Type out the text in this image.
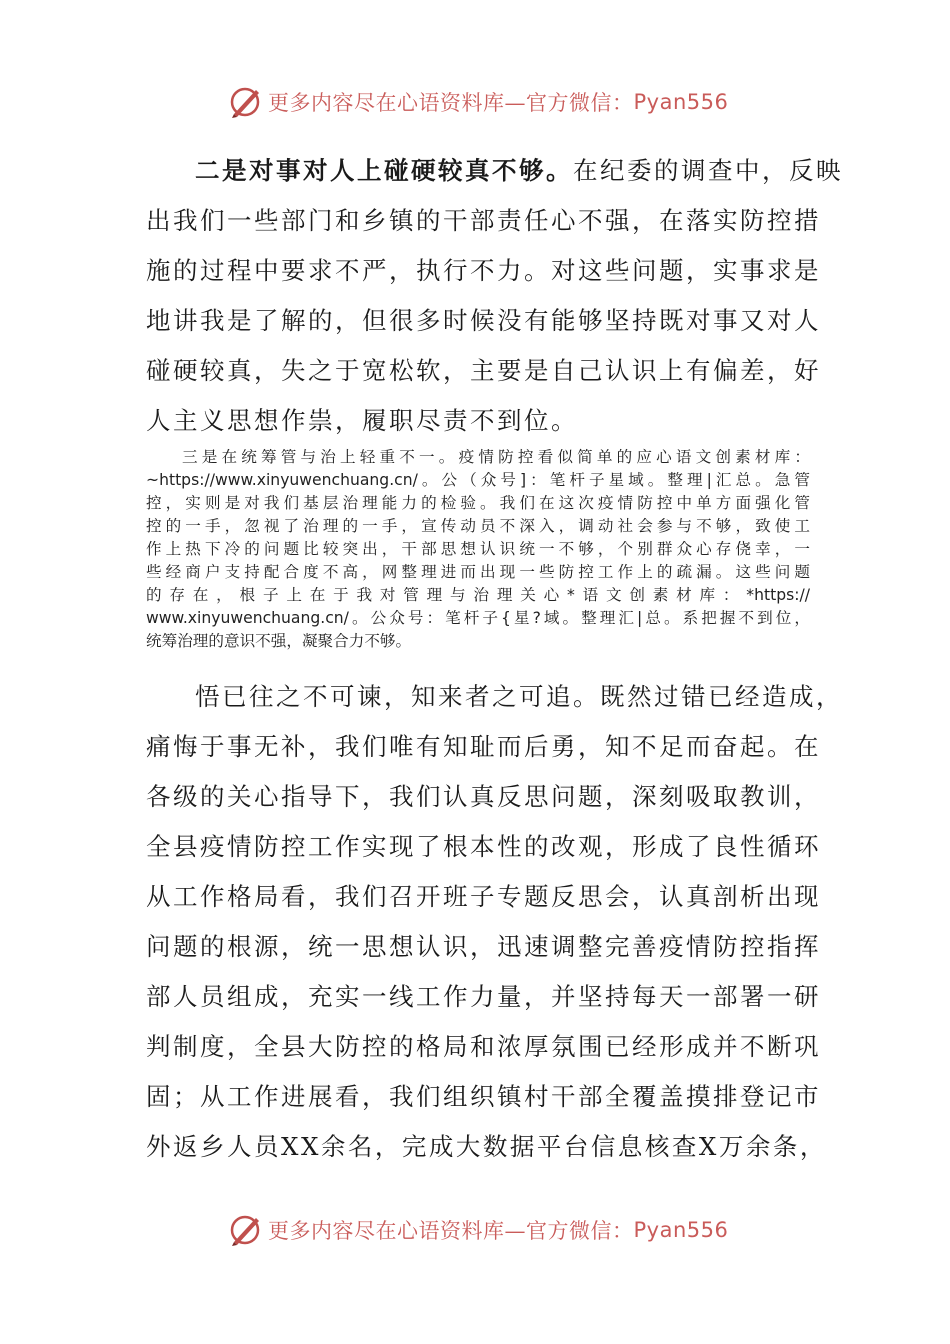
更多内容尽在心语资料库—官方微信： Pyan556

二是对事对人上碰硬较真不够。在纪委的调查中，反映

出我们一些部门和乡镇的干部责任心不强，在落实防控措

施的过程中要求不严，执行不力。对这些问题，实事求是

地讲我是了解的，但很多时候没有能够坚持既对事又对人

碰硬较真，失之于宽松软，主要是自己认识上有偏差，好

人主义思想作祟，履职尽责不到位。

三是在统筹管与治上轻重不一。疫情防控看似简单的应心语文创素材库：

~https://www.xinyuwenchuang.cn/。公（众号]：笔杆子星域。整理|汇总。急管

控，实则是对我们基层治理能力的检验。我们在这次疫情防控中单方面强化管

控的一手，忽视了治理的一手，宣传动员不深入，调动社会参与不够，致使工

作上热下冷的问题比较突出，干部思想认识统一不够，个别群众心存侥幸，一

些经商户支持配合度不高，网整理进而出现一些防控工作上的疏漏。这些问题

的存在，根子上在于我对管理与治理关心*语文创素材库：*https://

www.xinyuwenchuang.cn/。公众号：笔杆子{星?域。整理汇|总。系把握不到位，

统筹治理的意识不强，凝聚合力不够。

悟已往之不可谏，知来者之可追。既然过错已经造成，

痛悔于事无补，我们唯有知耻而后勇，知不足而奋起。在

各级的关心指导下，我们认真反思问题，深刻吸取教训，

全县疫情防控工作实现了根本性的改观，形成了良性循环

从工作格局看，我们召开班子专题反思会，认真剖析出现

问题的根源，统一思想认识，迅速调整完善疫情防控指挥

部人员组成，充实一线工作力量，并坚持每天一部署一研

判制度，全县大防控的格局和浓厚氛围已经形成并不断巩

固；从工作进展看，我们组织镇村干部全覆盖摸排登记市

外返乡人员XX余名，完成大数据平台信息核查X万余条，

更多内容尽在心语资料库—官方微信： Pyan556
